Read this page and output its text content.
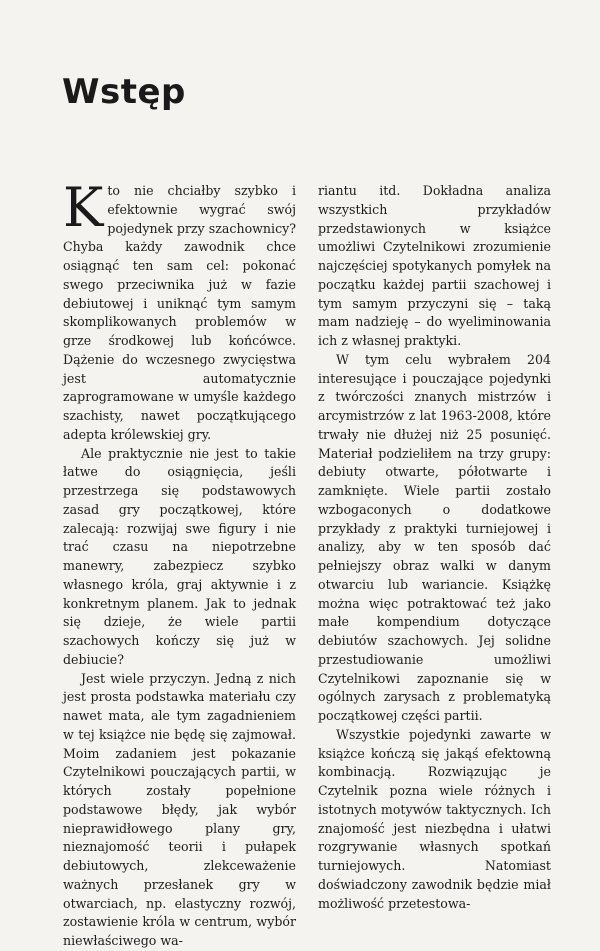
Wstęp

Kto nie chciałby szybko i efektownie wygrać swój pojedynek przy szachownicy? Chyba każdy zawodnik chce osiągnąć ten sam cel: pokonać swego przeciwnika już w fazie debiutowej i uniknąć tym samym skomplikowanych problemów w grze środkowej lub końcówce. Dążenie do wczesnego zwycięstwa jest automatycznie zaprogramowane w umyśle każdego szachisty, nawet początkującego adepta królewskiej gry.

Ale praktycznie nie jest to takie łatwe do osiągnięcia, jeśli przestrzega się podstawowych zasad gry początkowej, które zalecają: rozwijaj swe figury i nie trać czasu na niepotrzebne manewry, zabezpiecz szybko własnego króla, graj aktywnie i z konkretnym planem. Jak to jednak się dzieje, że wiele partii szachowych kończy się już w debiucie?

Jest wiele przyczyn. Jedną z nich jest prosta podstawka materiału czy nawet mata, ale tym zagadnieniem w tej książce nie będę się zajmował. Moim zadaniem jest pokazanie Czytelnikowi pouczających partii, w których zostały popełnione podstawowe błędy, jak wybór nieprawidłowego plany gry, nieznajomość teorii i pułapek debiutowych, zlekceważenie ważnych przesłanek gry w otwarciach, np. elastyczny rozwój, zostawienie króla w centrum, wybór niewłaściwego wa-

riantu itd. Dokładna analiza wszystkich przykładów przedstawionych w książce umożliwi Czytelnikowi zrozumienie najczęściej spotykanych pomyłek na początku każdej partii szachowej i tym samym przyczyni się – taką mam nadzieję – do wyeliminowania ich z własnej praktyki.

W tym celu wybrałem 204 interesujące i pouczające pojedynki z twórczości znanych mistrzów i arcymistrzów z lat 1963-2008, które trwały nie dłużej niż 25 posunięć. Materiał podzieliłem na trzy grupy: debiuty otwarte, półotwarte i zamknięte. Wiele partii zostało wzbogaconych o dodatkowe przykłady z praktyki turniejowej i analizy, aby w ten sposób dać pełniejszy obraz walki w danym otwarciu lub wariancie. Książkę można więc potraktować też jako małe kompendium dotyczące debiutów szachowych. Jej solidne przestudiowanie umożliwi Czytelnikowi zapoznanie się w ogólnych zarysach z problematyką początkowej części partii.

Wszystkie pojedynki zawarte w książce kończą się jakąś efektowną kombinacją. Rozwiązując je Czytelnik pozna wiele różnych i istotnych motywów taktycznych. Ich znajomość jest niezbędna i ułatwi rozgrywanie własnych spotkań turniejowych. Natomiast doświadczony zawodnik będzie miał możliwość przetestowa-
